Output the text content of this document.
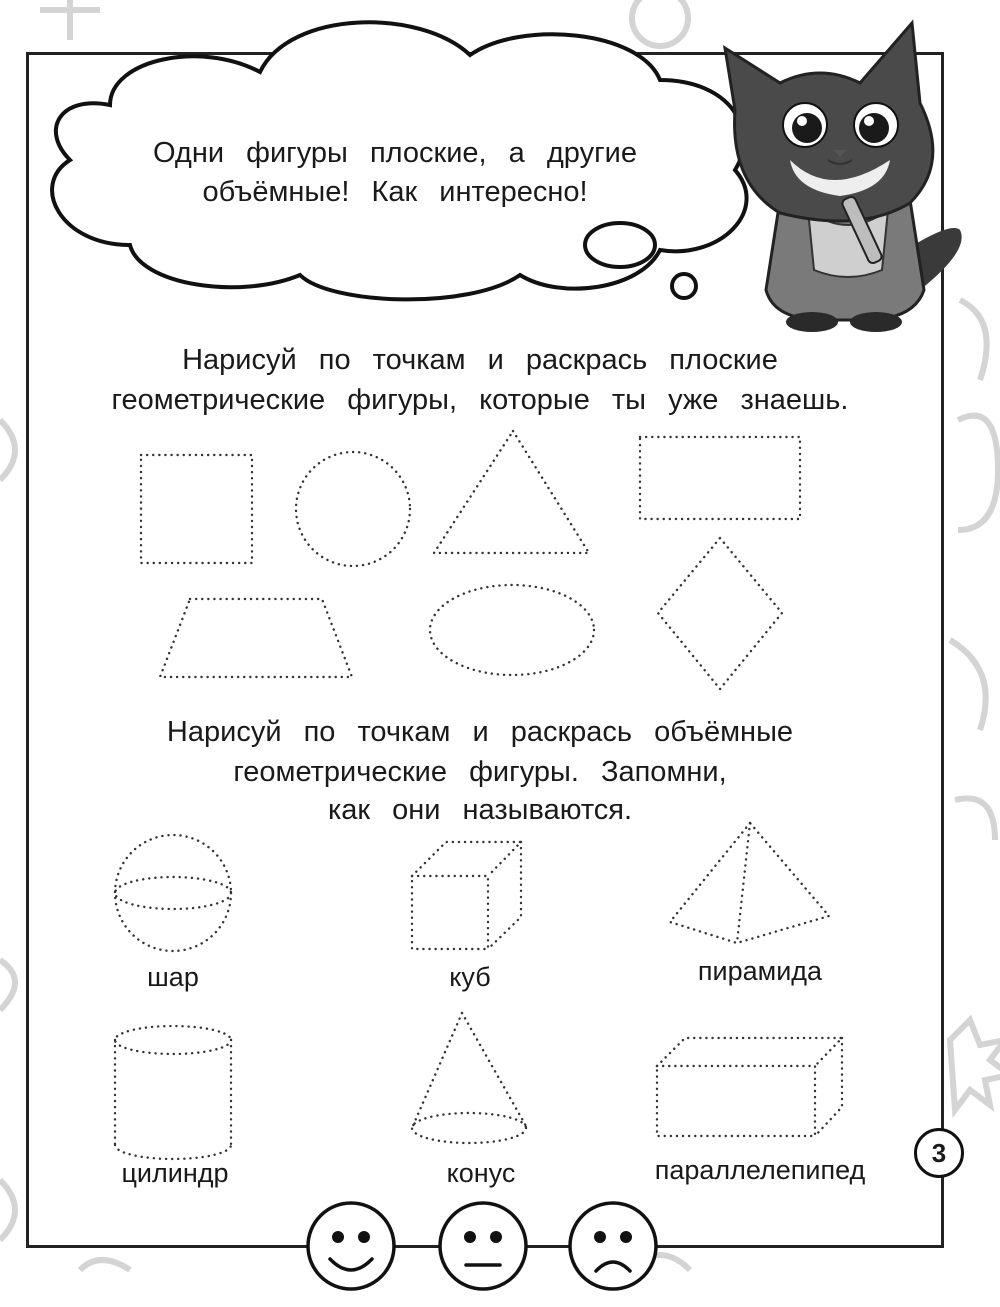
Одни фигуры плоские, а другие
объёмные! Как интересно!
Нарисуй по точкам и раскрась плоские
геометрические фигуры, которые ты уже знаешь.
Нарисуй по точкам и раскрась объёмные
геометрические фигуры. Запомни,
как они называются.
шар	куб	пирамида
цилиндр	конус	параллелепипед
3
